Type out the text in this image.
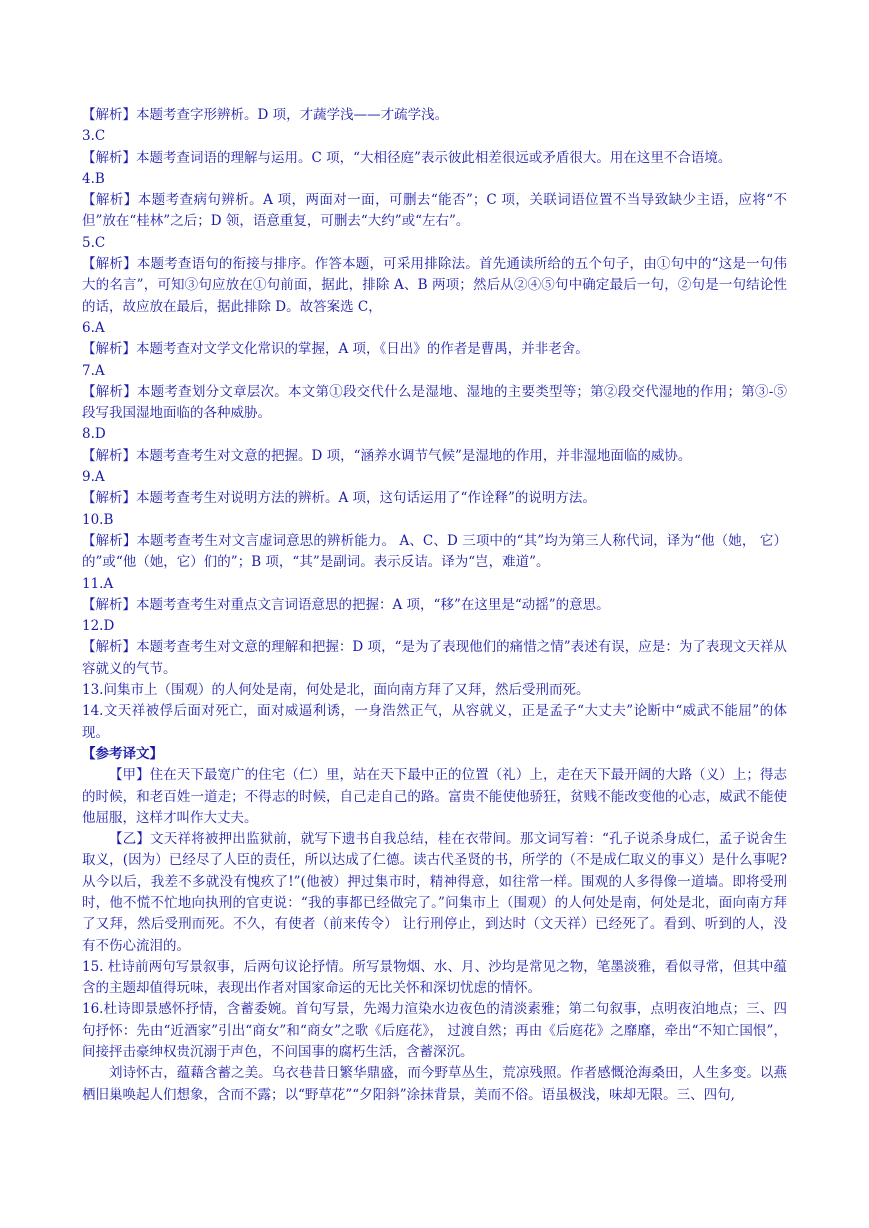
【解析】本题考查字形辨析。D 项，才蔬学浅——才疏学浅。
3.C
【解析】本题考查词语的理解与运用。C 项，“大相径庭”表示彼此相差很远或矛盾很大。用在这里不合语境。
4.B
【解析】本题考查病句辨析。A 项，两面对一面，可删去“能否”；C 项，关联词语位置不当导致缺少主语，应将“不但”放在“桂林”之后；D 领，语意重复，可删去“大约”或“左右”。
5.C
【解析】本题考查语句的衔接与排序。作答本题，可采用排除法。首先通读所给的五个句子，由①句中的“这是一句伟大的名言”，可知③句应放在①句前面，据此，排除 A、B 两项；然后从②④⑤句中确定最后一句，②句是一句结论性的话，故应放在最后，据此排除 D。故答案选 C，
6.A
【解析】本题考查对文学文化常识的掌握，A 项，《日出》的作者是曹禺，并非老舍。
7.A
【解析】本题考查划分文章层次。本文第①段交代什么是湿地、湿地的主要类型等；第②段交代湿地的作用；第③-⑤段写我国湿地面临的各种威胁。
8.D
【解析】本题考查考生对文意的把握。D 项，“涵养水调节气候”是湿地的作用，并非湿地面临的威协。
9.A
【解析】本题考查考生对说明方法的辨析。A 项，这句话运用了“作诠释”的说明方法。
10.B
【解析】本题考查考生对文言虚词意思的辨析能力。 A、C、D 三项中的“其”均为第三人称代词，译为“他（她， 它）的”或“他（她，它）们的”；B 项，“其”是副词。表示反诘。译为“岂，难道”。
11.A
【解析】本题考查考生对重点文言词语意思的把握：A 项，“移”在这里是“动摇”的意思。
12.D
【解析】本题考查考生对文意的理解和把握：D 项，“是为了表现他们的痛惜之情”表述有误，应是：为了表现文天祥从容就义的气节。
13.问集市上（围观）的人何处是南，何处是北，面向南方拜了又拜，然后受刑而死。
14.文天祥被俘后面对死亡，面对威逼利诱，一身浩然正气，从容就义，正是孟子“大丈夫”论断中“威武不能屈”的体现。
【参考译文】
【甲】住在天下最宽广的住宅（仁）里，站在天下最中正的位置（礼）上，走在天下最开阔的大路（义）上；得志的时候，和老百姓一道走；不得志的时候，自己走自己的路。富贵不能使他骄狂，贫贱不能改变他的心志，威武不能使他屈服，这样才叫作大丈夫。
【乙】文天祥将被押出监狱前，就写下遗书自我总结，桂在衣带间。那文词写着：“孔子说杀身成仁，孟子说舍生取义，(因为）已经尽了人臣的责任，所以达成了仁德。读古代圣贤的书，所学的（不是成仁取义的事义）是什么事呢?从今以后，我差不多就没有愧疚了!”(他被）押过集市时，精神得意，如往常一样。围观的人多得像一道墙。即将受刑时，他不慌不忙地向执刑的官吏说：“我的事都已经做完了。”问集市上（围观）的人何处是南，何处是北，面向南方拜了又拜，然后受刑而死。不久，有使者（前来传令） 让行刑停止，到达时（文天祥）已经死了。看到、听到的人，没有不伤心流泪的。
15. 杜诗前两句写景叙事，后两句议论抒情。所写景物烟、水、月、沙均是常见之物，笔墨淡雅，看似寻常，但其中蕴含的主题却值得玩味，表现出作者对国家命运的无比关怀和深切忧虑的情怀。
16.杜诗即景感怀抒情，含蓄委婉。首句写景，先竭力渲染水边夜色的清淡素雅；第二句叙事，点明夜泊地点；三、四句抒怀：先由“近酒家”引出“商女”和“商女”之歌《后庭花》， 过渡自然；再由《后庭花》之靡靡，牵出“不知亡国恨”，间接抨击豪绅权贵沉溺于声色，不问国事的腐朽生活，含蓄深沉。
刘诗怀古，蕴藉含蓄之美。乌衣巷昔日繁华鼎盛，而今野草丛生，荒凉残照。作者感慨沧海桑田，人生多变。以燕栖旧巢唤起人们想象，含而不露；以“野草花”“夕阳斜”涂抹背景，美而不俗。语虽极浅，味却无限。三、四句,
